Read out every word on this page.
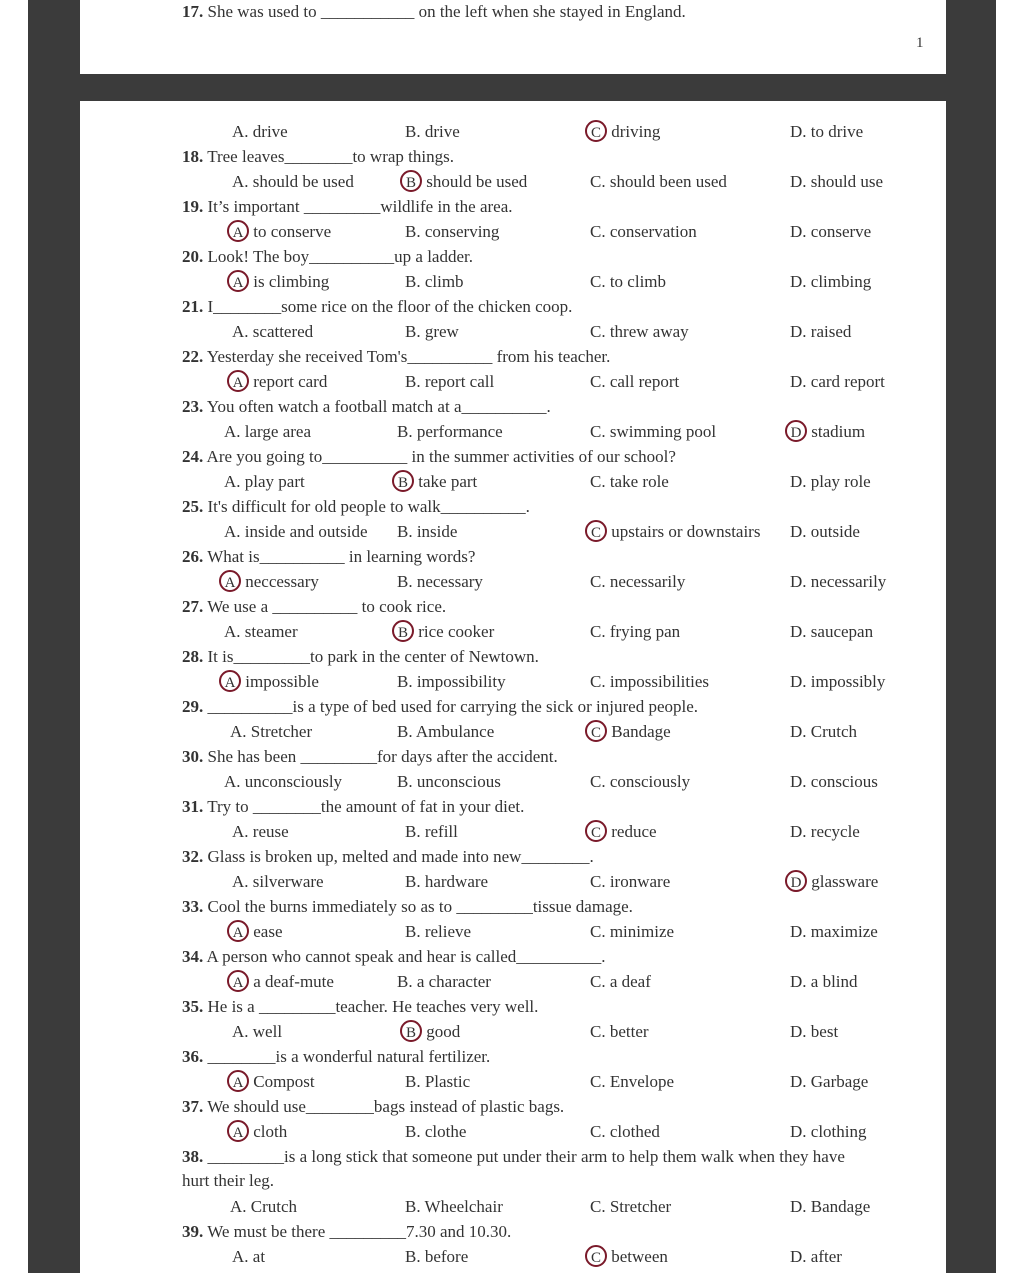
17. She was used to ___________ on the left when she stayed in England.
1
A. drive	B. drive	C driving	D. to drive
18. Tree leaves________to wrap things.
A. should be used	B should be used	C. should been used	D. should use
19. It’s important _________wildlife in the area.
A to conserve	B. conserving	C. conservation	D. conserve
20. Look! The boy__________up a ladder.
A is climbing	B. climb	C. to climb	D. climbing
21. I________some rice on the floor of the chicken coop.
A. scattered	B. grew	C. threw away	D. raised
22. Yesterday she received Tom's__________ from his teacher.
A report card	B. report call	C. call report	D. card report
23. You often watch a football match at a__________.
A. large area	B. performance	C. swimming pool	D stadium
24. Are you going to__________ in the summer activities of our school?
A. play part	B take part	C. take role	D. play role
25. It's difficult for old people to walk__________.
A. inside and outside B. inside	C upstairs or downstairs D. outside
26. What is__________ in learning words?
A neccessary	B. necessary	C. necessarily	D. necessarily
27. We use a __________ to cook rice.
A. steamer	B rice cooker	C. frying pan	D. saucepan
28. It is_________to park in the center of Newtown.
A impossible	B. impossibility	C. impossibilities	D. impossibly
29. __________is a type of bed used for carrying the sick or injured people.
A. Stretcher	B. Ambulance	C Bandage	D. Crutch
30. She has been _________for days after the accident.
A. unconsciously	B. unconscious	C. consciously	D. conscious
31. Try to ________the amount of fat in your diet.
A. reuse	B. refill	C reduce	D. recycle
32. Glass is broken up, melted and made into new________.
A. silverware	B. hardware	C. ironware	D glassware
33. Cool the burns immediately so as to _________tissue damage.
A ease	B. relieve	C. minimize	D. maximize
34. A person who cannot speak and hear is called__________.
A a deaf-mute	B. a character	C. a deaf	D. a blind
35. He is a _________teacher. He teaches very well.
A. well	B good	C. better	D. best
36. ________is a wonderful natural fertilizer.
A Compost	B. Plastic	C. Envelope	D. Garbage
37. We should use________bags instead of plastic bags.
A cloth	B. clothe	C. clothed	D. clothing
38. _________is a long stick that someone put under their arm to help them walk when they have
hurt their leg.
A. Crutch	B. Wheelchair	C. Stretcher	D. Bandage
39. We must be there _________7.30 and 10.30.
A. at	B. before	C between	D. after
